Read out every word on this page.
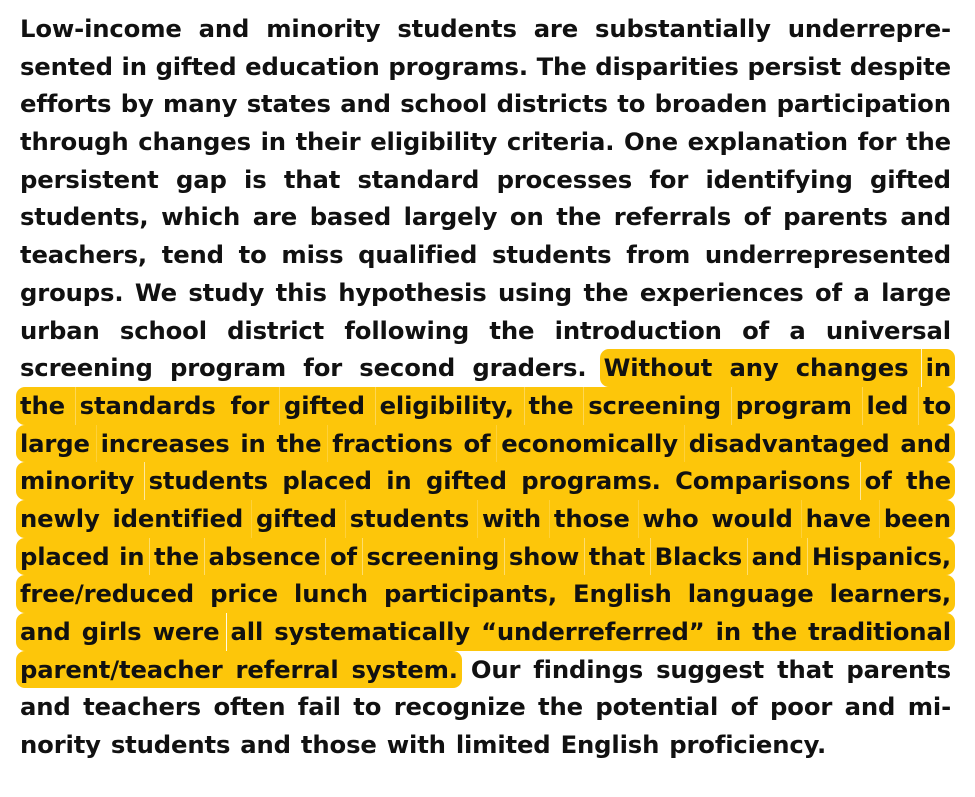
Low-income and minority students are substantially underrepre-
sented in gifted education programs. The disparities persist despite
efforts by many states and school districts to broaden participation
through changes in their eligibility criteria. One explanation for the
persistent gap is that standard processes for identifying gifted
students, which are based largely on the referrals of parents and
teachers, tend to miss qualified students from underrepresented
groups. We study this hypothesis using the experiences of a large
urban school district following the introduction of a universal
screening program for second graders. Without any changes in
the standards for gifted eligibility, the screening program led to
large increases in the fractions of economically disadvantaged and
minority students placed in gifted programs. Comparisons of the
newly identified gifted students with those who would have been
placed in the absence of screening show that Blacks and Hispanics,
free/reduced price lunch participants, English language learners,
and girls were all systematically “underreferred” in the traditional
parent/teacher referral system. Our findings suggest that parents
and teachers often fail to recognize the potential of poor and mi-
nority students and those with limited English proficiency.
